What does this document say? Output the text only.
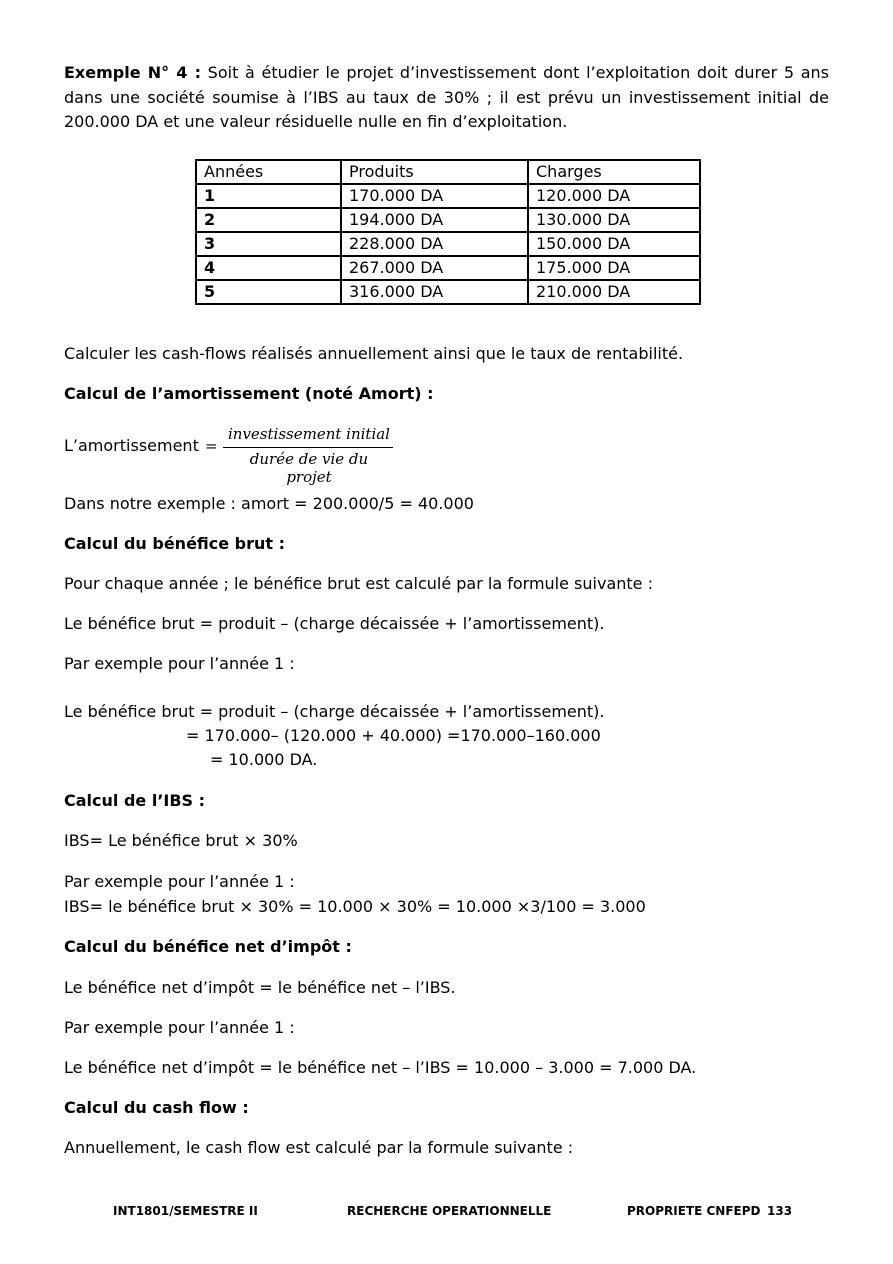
Exemple N° 4 : Soit à étudier le projet d’investissement dont l’exploitation doit durer 5 ans
dans une société soumise à l’IBS au taux de 30% ; il est prévu un investissement initial de
200.000 DA et une valeur résiduelle nulle en fin d’exploitation.

Années	Produits	Charges
1	170.000 DA	120.000 DA
2	194.000 DA	130.000 DA
3	228.000 DA	150.000 DA
4	267.000 DA	175.000 DA
5	316.000 DA	210.000 DA

Calculer les cash-flows réalisés annuellement ainsi que le taux de rentabilité.

Calcul de l’amortissement (noté Amort) :

L’amortissement =
investissement initial
durée de vie du projet

Dans notre exemple : amort = 200.000/5 = 40.000

Calcul du bénéfice brut :

Pour chaque année ; le bénéfice brut est calculé par la formule suivante :

Le bénéfice brut = produit – (charge décaissée + l’amortissement).

Par exemple pour l’année 1 :

Le bénéfice brut = produit – (charge décaissée + l’amortissement).

= 170.000– (120.000 + 40.000) =170.000–160.000

= 10.000 DA.

Calcul de l’IBS :

IBS= Le bénéfice brut × 30%

Par exemple pour l’année 1 :

IBS= le bénéfice brut × 30% = 10.000 × 30% = 10.000 ×3/100 = 3.000

Calcul du bénéfice net d’impôt :

Le bénéfice net d’impôt = le bénéfice net – l’IBS.

Par exemple pour l’année 1 :

Le bénéfice net d’impôt = le bénéfice net – l’IBS = 10.000 – 3.000 = 7.000 DA.

Calcul du cash flow :

Annuellement, le cash flow est calculé par la formule suivante :

INT1801/SEMESTRE II	RECHERCHE OPERATIONNELLE	PROPRIETE CNFEPD 133
